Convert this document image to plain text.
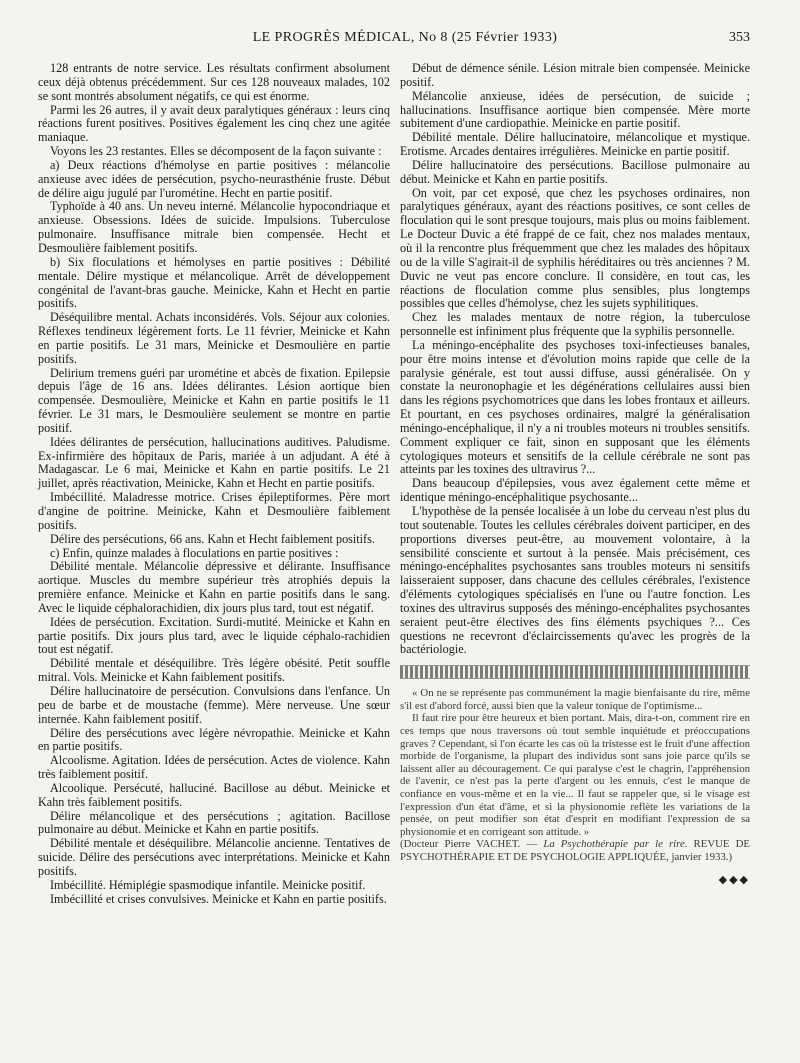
LE PROGRÈS MÉDICAL, No 8 (25 Février 1933)	353

128 entrants de notre service. Les résultats confirment absolument ceux déjà obtenus précédemment. Sur ces 128 nouveaux malades, 102 se sont montrés absolument négatifs, ce qui est énorme.

Parmi les 26 autres, il y avait deux paralytiques généraux : leurs cinq réactions furent positives. Positives également les cinq chez une agitée maniaque.

Voyons les 23 restantes. Elles se décomposent de la façon suivante :

a) Deux réactions d'hémolyse en partie positives : mélancolie anxieuse avec idées de persécution, psycho-neurasthénie fruste. Début de délire aigu jugulé par l'urométine. Hecht en partie positif.

Typhoïde à 40 ans. Un neveu interné. Mélancolie hypocondriaque et anxieuse. Obsessions. Idées de suicide. Impulsions. Tuberculose pulmonaire. Insuffisance mitrale bien compensée. Hecht et Desmoulière faiblement positifs.

b) Six floculations et hémolyses en partie positives : Débilité mentale. Délire mystique et mélancolique. Arrêt de développement congénital de l'avant-bras gauche. Meinicke, Kahn et Hecht en partie positifs.

Déséquilibre mental. Achats inconsidérés. Vols. Séjour aux colonies. Réflexes tendineux légèrement forts. Le 11 février, Meinicke et Kahn en partie positifs. Le 31 mars, Meinicke et Desmoulière en partie positifs.

Delirium tremens guéri par urométine et abcès de fixation. Epilepsie depuis l'âge de 16 ans. Idées délirantes. Lésion aortique bien compensée. Desmoulière, Meinicke et Kahn en partie positifs le 11 février. Le 31 mars, le Desmoulière seulement se montre en partie positif.

Idées délirantes de persécution, hallucinations auditives. Paludisme. Ex-infirmière des hôpitaux de Paris, mariée à un adjudant. A été à Madagascar. Le 6 mai, Meinicke et Kahn en partie positifs. Le 21 juillet, après réactivation, Meinicke, Kahn et Hecht en partie positifs.

Imbécillité. Maladresse motrice. Crises épileptiformes. Père mort d'angine de poitrine. Meinicke, Kahn et Desmoulière faiblement positifs.

Délire des persécutions, 66 ans. Kahn et Hecht faiblement positifs.

c) Enfin, quinze malades à floculations en partie positives :

Débilité mentale. Mélancolie dépressive et délirante. Insuffisance aortique. Muscles du membre supérieur très atrophiés depuis la première enfance. Meinicke et Kahn en partie positifs dans le sang. Avec le liquide céphalorachidien, dix jours plus tard, tout est négatif.

Idées de persécution. Excitation. Surdi-mutité. Meinicke et Kahn en partie positifs. Dix jours plus tard, avec le liquide céphalo-rachidien tout est négatif.

Débilité mentale et déséquilibre. Très légère obésité. Petit souffle mitral. Vols. Meinicke et Kahn faiblement positifs.

Délire hallucinatoire de persécution. Convulsions dans l'enfance. Un peu de barbe et de moustache (femme). Mère nerveuse. Une sœur internée. Kahn faiblement positif.

Délire des persécutions avec légère névropathie. Meinicke et Kahn en partie positifs.

Alcoolisme. Agitation. Idées de persécution. Actes de violence. Kahn très faiblement positif.

Alcoolique. Persécuté, halluciné. Bacillose au début. Meinicke et Kahn très faiblement positifs.

Délire mélancolique et des persécutions ; agitation. Bacillose pulmonaire au début. Meinicke et Kahn en partie positifs.

Débilité mentale et déséquilibre. Mélancolie ancienne. Tentatives de suicide. Délire des persécutions avec interprétations. Meinicke et Kahn positifs.

Imbécillité. Hémiplégie spasmodique infantile. Meinicke positif.

Imbécillité et crises convulsives. Meinicke et Kahn en partie positifs.

Début de démence sénile. Lésion mitrale bien compensée. Meinicke positif.

Mélancolie anxieuse, idées de persécution, de suicide ; hallucinations. Insuffisance aortique bien compensée. Mère morte subitement d'une cardiopathie. Meinicke en partie positif.

Débilité mentale. Délire hallucinatoire, mélancolique et mystique. Erotisme. Arcades dentaires irrégulières. Meinicke en partie positif.

Délire hallucinatoire des persécutions. Bacillose pulmonaire au début. Meinicke et Kahn en partie positifs.

On voit, par cet exposé, que chez les psychoses ordinaires, non paralytiques généraux, ayant des réactions positives, ce sont celles de floculation qui le sont presque toujours, mais plus ou moins faiblement. Le Docteur Duvic a été frappé de ce fait, chez nos malades mentaux, où il la rencontre plus fréquemment que chez les malades des hôpitaux ou de la ville S'agirait-il de syphilis héréditaires ou très anciennes ? M. Duvic ne veut pas encore conclure. Il considère, en tout cas, les réactions de floculation comme plus sensibles, plus longtemps possibles que celles d'hémolyse, chez les sujets syphilitiques.

Chez les malades mentaux de notre région, la tuberculose personnelle est infiniment plus fréquente que la syphilis personnelle.

La méningo-encéphalite des psychoses toxi-infectieuses banales, pour être moins intense et d'évolution moins rapide que celle de la paralysie générale, est tout aussi diffuse, aussi généralisée. On y constate la neuronophagie et les dégénérations cellulaires aussi bien dans les régions psychomotrices que dans les lobes frontaux et ailleurs. Et pourtant, en ces psychoses ordinaires, malgré la généralisation méningo-encéphalique, il n'y a ni troubles moteurs ni troubles sensitifs. Comment expliquer ce fait, sinon en supposant que les éléments cytologiques moteurs et sensitifs de la cellule cérébrale ne sont pas atteints par les toxines des ultravirus ?...

Dans beaucoup d'épilepsies, vous avez également cette même et identique méningo-encéphalitique psychosante...

L'hypothèse de la pensée localisée à un lobe du cerveau n'est plus du tout soutenable. Toutes les cellules cérébrales doivent participer, en des proportions diverses peut-être, au mouvement volontaire, à la sensibilité consciente et surtout à la pensée. Mais précisément, ces méningo-encéphalites psychosantes sans troubles moteurs ni sensitifs laisseraient supposer, dans chacune des cellules cérébrales, l'existence d'éléments cytologiques spécialisés en l'une ou l'autre fonction. Les toxines des ultravirus supposés des méningo-encéphalites psychosantes seraient peut-être électives des fins éléments psychiques ?... Ces questions ne recevront d'éclaircissements qu'avec les progrès de la bactériologie.

« On ne se représente pas communément la magie bienfaisante du rire, même s'il est d'abord forcé, aussi bien que la valeur tonique de l'optimisme...

Il faut rire pour être heureux et bien portant. Mais, dira-t-on, comment rire en ces temps que nous traversons où tout semble inquiétude et préoccupations graves ? Cependant, si l'on écarte les cas où la tristesse est le fruit d'une affection morbide de l'organisme, la plupart des individus sont sans joie parce qu'ils se laissent aller au découragement. Ce qui paralyse c'est le chagrin, l'appréhension de l'avenir, ce n'est pas la perte d'argent ou les ennuis, c'est le manque de confiance en vous-même et en la vie... Il faut se rappeler que, si le visage est l'expression d'un état d'âme, et si la physionomie reflète les variations de la pensée, on peut modifier son état d'esprit en modifiant l'expression de sa physionomie et en corrigeant son attitude. »

(Docteur Pierre VACHET. — La Psychothérapie par le rire. REVUE DE PSYCHOTHÉRAPIE ET DE PSYCHOLOGIE APPLIQUÉE, janvier 1933.)

◆◆◆
